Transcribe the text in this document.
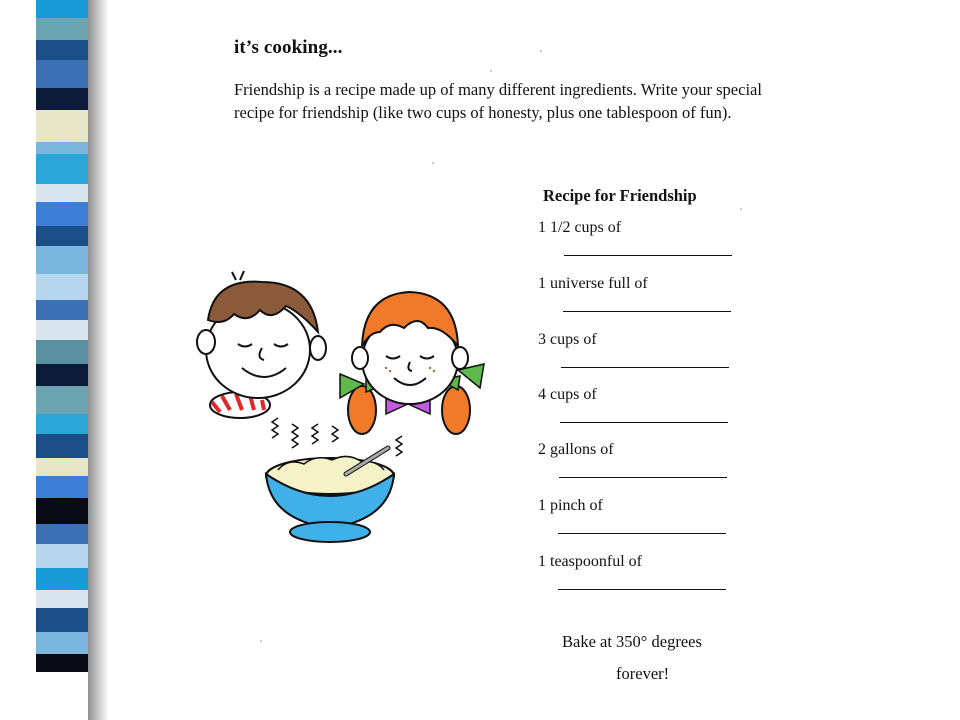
it’s cooking...
Friendship is a recipe made up of many different ingredients. Write your special recipe for friendship (like two cups of honesty, plus one tablespoon of fun).
Recipe for Friendship
1 1/2 cups of
1 universe full of
3 cups of
4 cups of
2 gallons of
1 pinch of
1 teaspoonful of
Bake at 350° degrees
forever!
